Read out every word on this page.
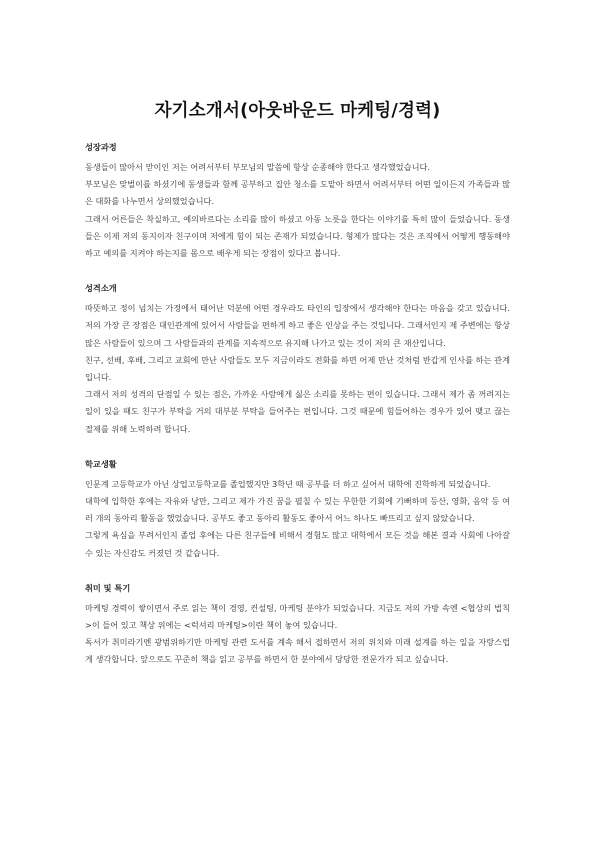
자기소개서(아웃바운드 마케팅/경력)
성장과정

동생들이 많아서 맏이인 저는 어려서부터 부모님의 말씀에 항상 순종해야 한다고 생각했었습니다.

부모님은 맞벌이를 하셨기에 동생들과 함께 공부하고 집안 청소를 도맡아 하면서 어려서부터 어떤 일이든지 가족들과 많은 대화를 나누면서 상의했었습니다.

그래서 어른들은 착실하고, 예의바르다는 소리를 많이 하셨고 아동 노릇을 한다는 이야기를 특히 많이 들었습니다. 동생들은 이제 저의 동지이자 친구이며 저에게 힘이 되는 존재가 되었습니다. 형제가 많다는 것은 조직에서 어떻게 행동해야 하고 예의를 지켜야 하는지를 몸으로 배우게 되는 장점이 있다고 봅니다.

성격소개

따뜻하고 정이 넘치는 가정에서 태어난 덕분에 어떤 경우라도 타인의 입장에서 생각해야 한다는 마음을 갖고 있습니다. 저의 가장 큰 장점은 대인관계에 있어서 사람들을 편하게 하고 좋은 인상을 주는 것입니다. 그래서인지 제 주변에는 항상 많은 사람들이 있으며 그 사람들과의 관계를 지속적으로 유지해 나가고 있는 것이 저의 큰 재산입니다.

친구, 선배, 후배, 그리고 교회에 만난 사람들도 모두 지금이라도 전화를 하면 어제 만난 것처럼 반갑게 인사를 하는 관계입니다.

그래서 저의 성격의 단점일 수 있는 점은, 가까운 사람에게 싫은 소리를 못하는 편이 있습니다. 그래서 제가 좀 꺼려지는 일이 있을 때도 친구가 부탁을 거의 대부분 부탁을 들어주는 편입니다. 그것 때문에 힘들어하는 경우가 있어 맺고 끊는 절제를 위해 노력하려 합니다.

학교생활

인문계 고등학교가 아닌 상업고등학교를 졸업했지만 3학년 때 공부를 더 하고 싶어서 대학에 진학하게 되었습니다.

대학에 입학한 후에는 자유와 낭만, 그리고 제가 가진 꿈을 펼칠 수 있는 무한한 기회에 기뻐하며 등산, 영화, 음악 등 여러 개의 동아리 활동을 했었습니다. 공부도 좋고 동아리 활동도 좋아서 어느 하나도 빠뜨리고 싶지 않았습니다.

그렇게 욕심을 부려서인지 졸업 후에는 다른 친구들에 비해서 경험도 많고 대학에서 모든 것을 해본 결과 사회에 나아갈 수 있는 자신감도 커졌던 것 같습니다.

취미 및 특기

마케팅 경력이 쌓이면서 주로 읽는 책이 경영, 컨설팅, 마케팅 분야가 되었습니다. 지금도 저의 가방 속엔 <협상의 법칙>이 들어 있고 책상 위에는 <럭셔리 마케팅>이란 책이 놓여 있습니다.

독서가 취미라기엔 광범위하기만 마케팅 관련 도서를 계속 해서 접하면서 저의 위치와 미래 설계를 하는 일을 자랑스럽게 생각합니다. 앞으로도 꾸준히 책을 읽고 공부를 하면서 한 분야에서 당당한 전문가가 되고 싶습니다.
